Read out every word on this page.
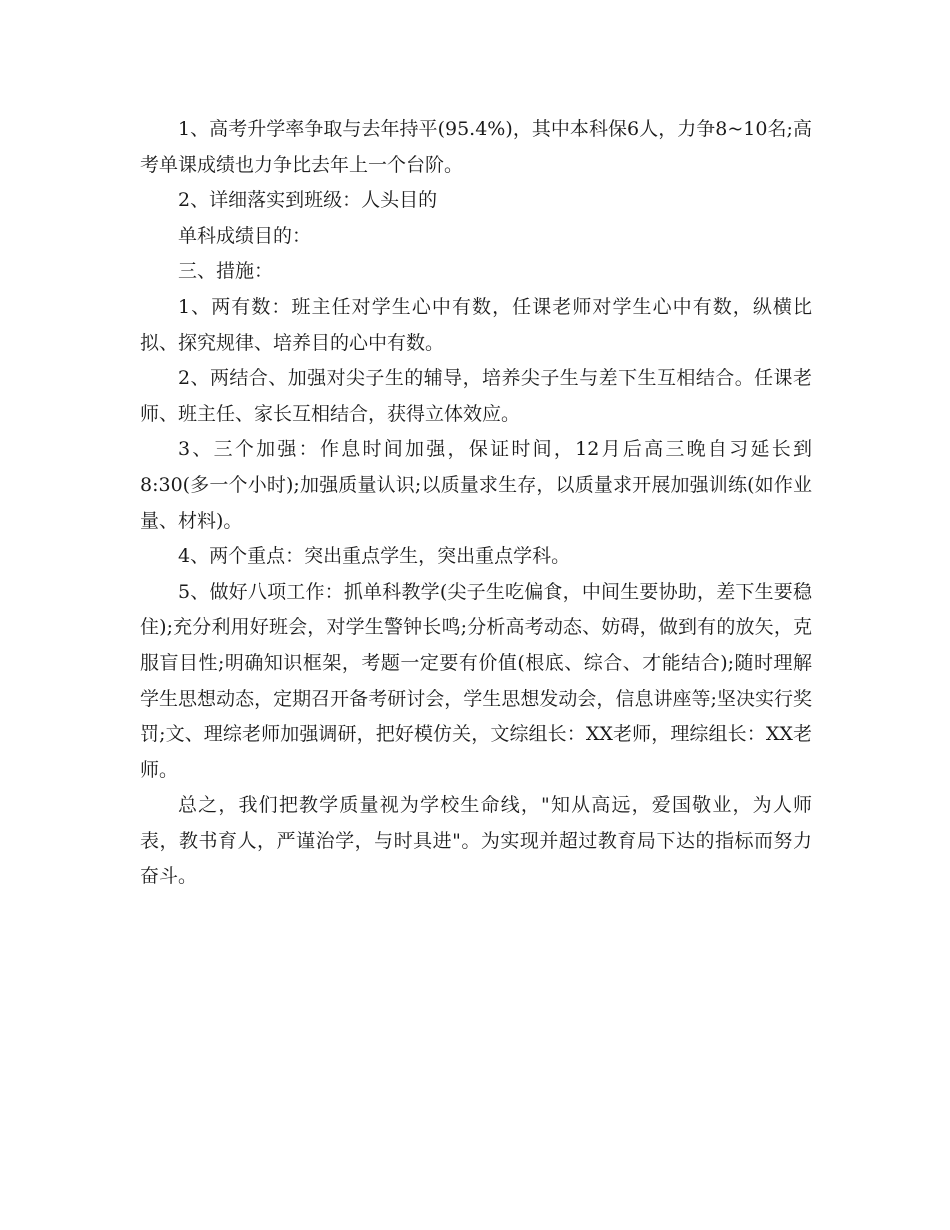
1、高考升学率争取与去年持平(95.4%)，其中本科保6人，力争8~10名;高考单课成绩也力争比去年上一个台阶。

2、详细落实到班级：人头目的

单科成绩目的：

三、措施：

1、两有数：班主任对学生心中有数，任课老师对学生心中有数，纵横比拟、探究规律、培养目的心中有数。

2、两结合、加强对尖子生的辅导，培养尖子生与差下生互相结合。任课老师、班主任、家长互相结合，获得立体效应。

3、三个加强：作息时间加强，保证时间，12月后高三晚自习延长到8:30(多一个小时);加强质量认识;以质量求生存，以质量求开展加强训练(如作业量、材料)。

4、两个重点：突出重点学生，突出重点学科。

5、做好八项工作：抓单科教学(尖子生吃偏食，中间生要协助，差下生要稳住);充分利用好班会，对学生警钟长鸣;分析高考动态、妨碍，做到有的放矢，克服盲目性;明确知识框架，考题一定要有价值(根底、综合、才能结合);随时理解学生思想动态，定期召开备考研讨会，学生思想发动会，信息讲座等;坚决实行奖罚;文、理综老师加强调研，把好模仿关，文综组长：XX老师，理综组长：XX老师。

总之，我们把教学质量视为学校生命线，"知从高远，爱国敬业，为人师表，教书育人，严谨治学，与时具进"。为实现并超过教育局下达的指标而努力奋斗。
